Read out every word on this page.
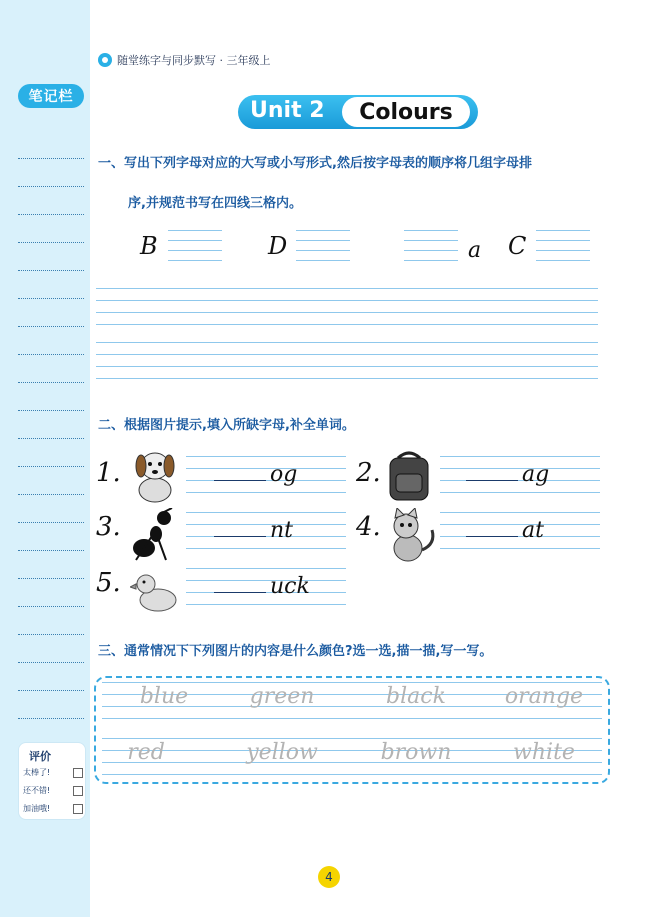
笔记栏
评价
太棒了!
还不错!
加油哦!
随堂练字与同步默写 · 三年级上
Unit 2	Colours
一、写出下列字母对应的大写或小写形式,然后按字母表的顺序将几组字母排
序,并规范书写在四线三格内。
B	D	a C
二、根据图片提示,填入所缺字母,补全单词。
1.	og 2.	ag
3.	nt 4.	at
5.	uck
三、通常情况下下列图片的内容是什么颜色?选一选,描一描,写一写。
blue	green	black	orange
red	yellow	brown	white
4
